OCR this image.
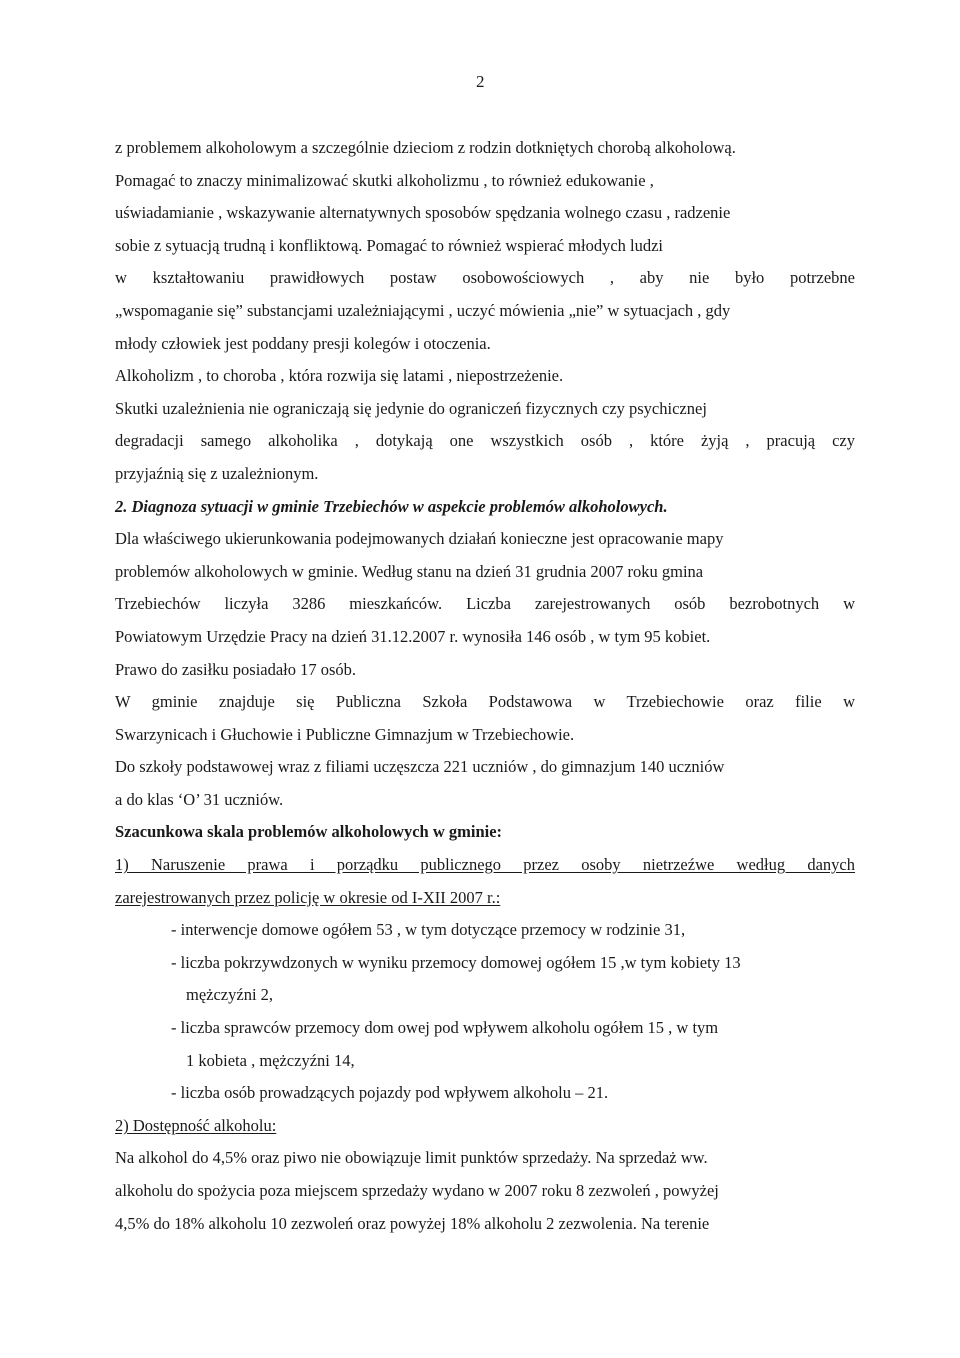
2
z problemem alkoholowym a szczególnie dzieciom z rodzin dotkniętych chorobą alkoholową.
Pomagać to znaczy minimalizować skutki alkoholizmu , to również edukowanie ,
uświadamianie , wskazywanie alternatywnych sposobów spędzania wolnego czasu , radzenie
sobie z sytuacją trudną i konfliktową. Pomagać to również wspierać młodych ludzi
w kształtowaniu prawidłowych postaw osobowościowych , aby nie było potrzebne
„wspomaganie się” substancjami uzależniającymi , uczyć mówienia „nie” w sytuacjach , gdy
młody człowiek jest poddany presji kolegów i otoczenia.
Alkoholizm , to choroba , która rozwija się latami , niepostrzeżenie.
Skutki uzależnienia nie ograniczają się jedynie do ograniczeń fizycznych czy psychicznej
degradacji samego alkoholika , dotykają one wszystkich osób , które żyją , pracują czy
przyjaźnią się z uzależnionym.
2. Diagnoza sytuacji w gminie Trzebiechów w aspekcie problemów alkoholowych.
Dla właściwego ukierunkowania podejmowanych działań konieczne jest opracowanie mapy
problemów alkoholowych w gminie. Według stanu na dzień 31 grudnia 2007 roku gmina
Trzebiechów liczyła 3286 mieszkańców. Liczba zarejestrowanych osób bezrobotnych w
Powiatowym Urzędzie Pracy na dzień 31.12.2007 r. wynosiła 146 osób , w tym 95 kobiet.
Prawo do zasiłku posiadało 17 osób.
W gminie znajduje się Publiczna Szkoła Podstawowa w Trzebiechowie oraz filie w
Swarzynicach i Głuchowie i Publiczne Gimnazjum w Trzebiechowie.
Do szkoły podstawowej wraz z filiami uczęszcza 221 uczniów , do gimnazjum 140 uczniów
a do klas ‘O’ 31 uczniów.
Szacunkowa skala problemów alkoholowych w gminie:
1) Naruszenie prawa i porządku publicznego przez osoby nietrzeźwe według danych
zarejestrowanych przez policję w okresie od I-XII 2007 r.:
- interwencje domowe ogółem 53 , w tym dotyczące przemocy w rodzinie 31,
- liczba pokrzywdzonych w wyniku przemocy domowej ogółem 15 ,w tym kobiety 13
mężczyźni 2,
- liczba sprawców przemocy dom owej pod wpływem alkoholu ogółem 15 , w tym
1 kobieta , mężczyźni 14,
- liczba osób prowadzących pojazdy pod wpływem alkoholu – 21.
2) Dostępność alkoholu:
Na alkohol do 4,5% oraz piwo nie obowiązuje limit punktów sprzedaży. Na sprzedaż ww.
alkoholu do spożycia poza miejscem sprzedaży wydano w 2007 roku 8 zezwoleń , powyżej
4,5% do 18% alkoholu 10 zezwoleń oraz powyżej 18% alkoholu 2 zezwolenia. Na terenie
